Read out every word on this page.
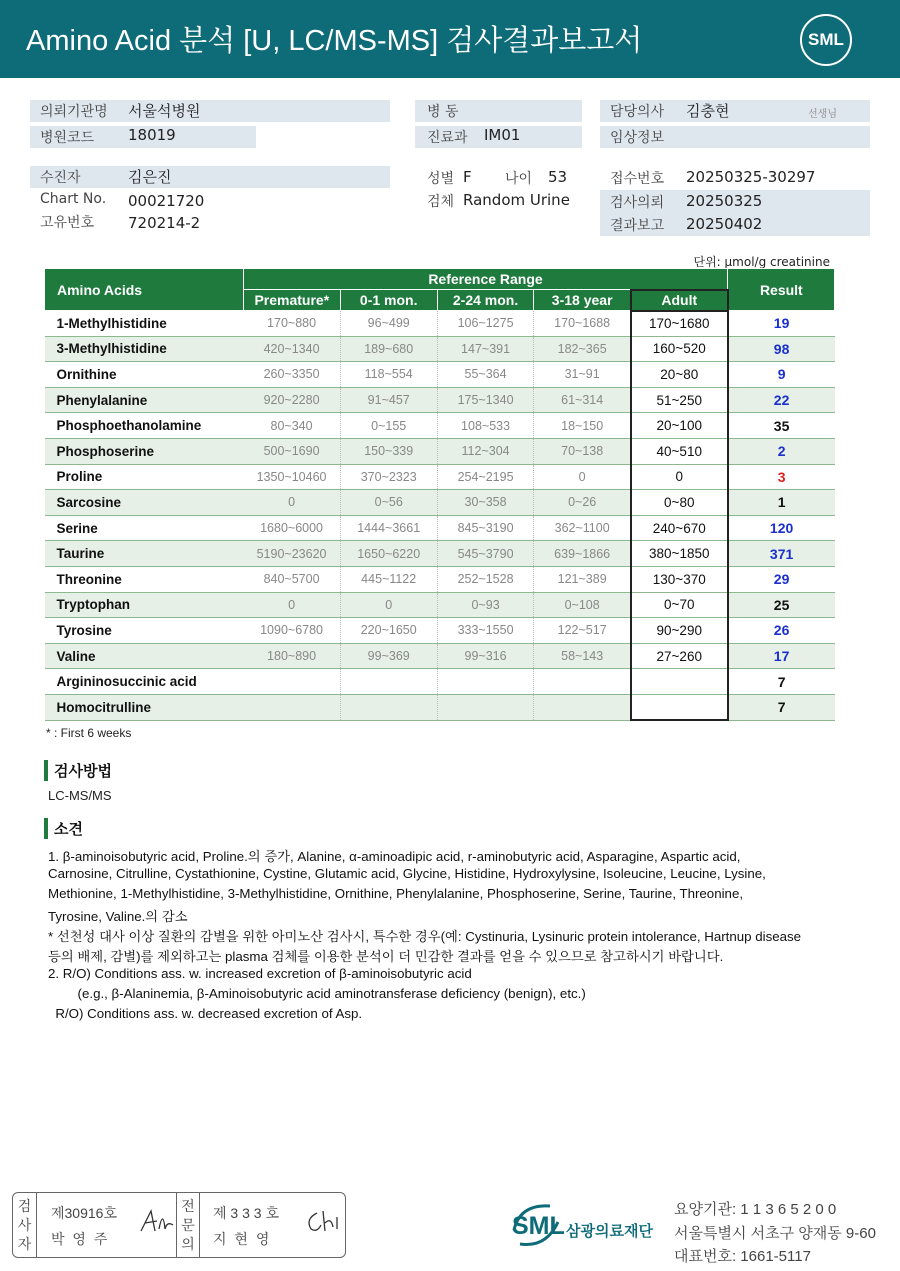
Amino Acid 분석 [U, LC/MS-MS] 검사결과보고서	SML
의뢰기관명 서울석병원
병원코드 18019
병 동
진료과 IM01
담당의사 김충현	선생님
임상정보
수진자	김은진
Chart No. 00021720
고유번호 720214-2
성별 F 나이 53
검체 Random Urine
접수번호 20250325-30297
검사의뢰 20250325
결과보고 20250402
단위: μmol/g creatinine
Amino Acids	Reference Range					Result
	Premature*	0-1 mon.	2-24 mon.	3-18 year	Adult	
1-Methylhistidine	170~880	96~499	106~1275	170~1688	170~1680	19
3-Methylhistidine	420~1340	189~680	147~391	182~365	160~520	98
Ornithine	260~3350	118~554	55~364	31~91	20~80	9
Phenylalanine	920~2280	91~457	175~1340	61~314	51~250	22
Phosphoethanolamine	80~340	0~155	108~533	18~150	20~100	35
Phosphoserine	500~1690	150~339	112~304	70~138	40~510	2
Proline	1350~10460	370~2323	254~2195	0	0	3
Sarcosine	0	0~56	30~358	0~26	0~80	1
Serine	1680~6000	1444~3661	845~3190	362~1100	240~670	120
Taurine	5190~23620	1650~6220	545~3790	639~1866	380~1850	371
Threonine	840~5700	445~1122	252~1528	121~389	130~370	29
Tryptophan	0	0	0~93	0~108	0~70	25
Tyrosine	1090~6780	220~1650	333~1550	122~517	90~290	26
Valine	180~890	99~369	99~316	58~143	27~260	17
Argininosuccinic acid						7
Homocitrulline						7
* : First 6 weeks
검사방법
LC-MS/MS
소견
1. β-aminoisobutyric acid, Proline.의 증가, Alanine, α-aminoadipic acid, r-aminobutyric acid, Asparagine, Aspartic acid,
Carnosine, Citrulline, Cystathionine, Cystine, Glutamic acid, Glycine, Histidine, Hydroxylysine, Isoleucine, Leucine, Lysine,
Methionine, 1-Methylhistidine, 3-Methylhistidine, Ornithine, Phenylalanine, Phosphoserine, Serine, Taurine, Threonine,
Tyrosine, Valine.의 감소
* 선천성 대사 이상 질환의 감별을 위한 아미노산 검사시, 특수한 경우(예: Cystinuria, Lysinuric protein intolerance, Hartnup disease
등의 배제, 감별)를 제외하고는 plasma 검체를 이용한 분석이 더 민감한 결과를 얻을 수 있으므로 참고하시기 바랍니다.
2. R/O) Conditions ass. w. increased excretion of β-aminoisobutyric acid
(e.g., β-Alaninemia, β-Aminoisobutyric acid aminotransferase deficiency (benign), etc.)
R/O) Conditions ass. w. decreased excretion of Asp.
검
사
자
제30916호
박 영 주
전
문
의
제 3 3 3 호
지 현 영	SML 삼광의료재단
요양기관: 1 1 3 6 5 2 0 0
서울특별시 서초구 양재동 9-60
대표번호: 1661-5117
